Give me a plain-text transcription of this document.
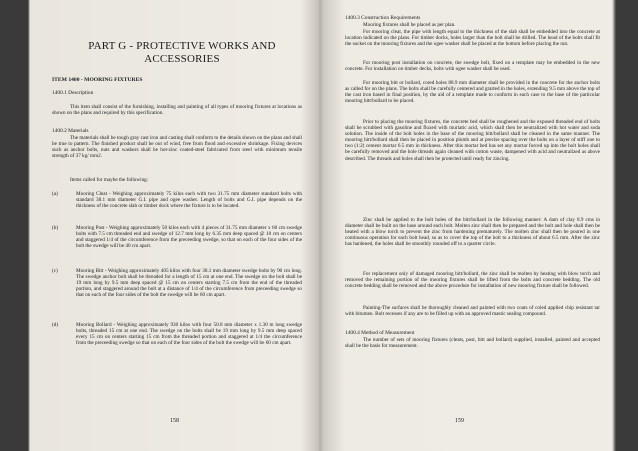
PART G - PROTECTIVE WORKS AND ACCESSORIES

ITEM 1400 - MOORING FIXTURES
1400.1 Description

This item shall consist of the furnishing, installing and painting of all types of mooring fixtures at locations as shown on the plans and required by this specification.

1400.2 Materials

The materials shall be tough gray cast iron and casting shall conform to the details shown on the plans and shall be true to pattern. The finished product shall be out of wind, free from flood and excessive shrinkage. Fixing devices such as anchor bolts, nuts and washers shall be hot-zinc coated-steel fabricated from steel with minimum tensile strength of 37 kg/ mm2.

Items called for maybe the following:

(a)	Mooring Cleat - Weighing approximately 75 kilos each with two 31.75 mm diameter standard bolts with standard 38.1 mm diameter G.I. pipe and ogee washer. Length of bolts and G.I. pipe depends on the thickness of the concrete slab or timber dock where the fixture is to be located.

(b)	Mooring Post - Weighing approximately 50 kilos each with 4 pieces of 31.75 mm diameter x 60 cm swedge bolts with 7.5 cm threaded end and swedge of 12.7 mm long by 6.35 mm deep spaced @ 10 cm on centers and staggered 1/4 of the circumference from the preceeding swedge, so that on each of the four sides of the bolt the swedge will be 40 cm apart.

(c)	Mooring Bitt - Weighing approximately 405 kilos with four 38.1 mm diameter swedge bolts by 90 cm long. The swedge anchor bolt shall be threaded for a length of 15 cm at one end. The swedge on the bolt shall be 19 mm long by 9.5 mm deep spaced @ 15 cm on centers starting 7.5 cm from the end of the threaded portion, and staggered around the bolt at a distance of 1/4 of the circumference from preceeding swedge so that on each of the four sides of the bolt the swedge will be 60 cm apart.

(d)	Mooring Bollard - Weighing approximately 930 kilos with four 50.8 mm diameter x 1.30 m long swedge bolts, threaded 15 cm at one end. The swedge on the bolts shall be 19 mm long by 9.5 mm deep spaced every 15 cm on centers starting 15 cm from the threaded portion and staggered at 1/4 the circumference from the preceeding swedge so that on each of the four sides of the bolt the swedge will be 60 cm apart.

158
1400.3 Construction Requirements

Mooring fixtures shall be placed as per plan.

For mooring cleat, the pipe with length equal to the thickness of the slab shall be embedded into the concrete at location indicated on the plans. For timber docks, holes larger than the bolt shall be drilled. The head of the bolts shall fit the socket on the mooring fixtures and the ogee washer shall be placed at the bottom before placing the nut.

For mooring post installation on concrete, the swedge bolt, fixed on a template may be embedded in the new concrete. For installation on timber decks, bolts with ogee washer shall be used.

For mooring bitt or bollard, cored holes 88.9 mm diameter shall be provided in the concrete for the anchor bolts as called for on the plans. The bolts shall be carefully centered and grarted in the holes, extending 9.5 mm above the top of the cast iron based in final position, by the aid of a template made to conform in each case to the base of the particular mooring bitt/bollard to be placed.

Prior to placing the mooring fixtures, the concrete bed shall be roughened and the exposed threaded end of holts shall be scrubbed with gasoline and fluxed with muriatic acid, which shall then be neutralized with hot water and soda solution. The inside of the bolt holes in the base of the mooring bitt/bollard shall be cleaned in the same manner. The mooring bitt/bollard shall then be placed in position plumb and at precise spacing over the bolts on a layer of stiff one to two (1:2) cement mortar 6.5 mm in thickness. After this mortar bed has set any mortar forced up into the bolt holes shall be carefully removed and the hole threads again cleaned with cotton waste, dampened with acid and neutralized as above described. The threads and holes shall then be protected until ready for zincing.

Zinc shall be applied to the bolt holes of the bitt/bollard in the following manner: A dam of clay 8.9 cms in diameter shall be built on the base around each bolt. Molten zinc shall then be prepared and the bolt and hole shall then be heated with a blow torch to prevent the zinc from hardening prematurely. The molten zinc shall then be poured in one continuous operation for each bolt head, so as to cover the top of the bolt to a thickness of about 6.5 mm. After the zinc has hardened, the holes shall be smoothly rounded off to a quarter circle.

For replacement only of damaged mooring bitt/bollard, the zinc shall be molten by heating with blow torch and removed the remaining portion of the mooring fixtures shall be lifted from the bolts and concrete bedding. The old concrete bedding shall be removed and the above procedure for installation of new mooring fixture shall be followed.

Painting-The surfaces shall be thoroughly cleaned and painted with two coats of coled applied chip resistant tar with bitumen. Bolt recesses if any are to be filled up with an approved mastic sealing compound.

1400.4 Method of Measurement

The number of sets of mooring fixtures (cleats, post, bitt and bollard) supplied, installed, painted and accepted shall be the basis for measurement.

159
